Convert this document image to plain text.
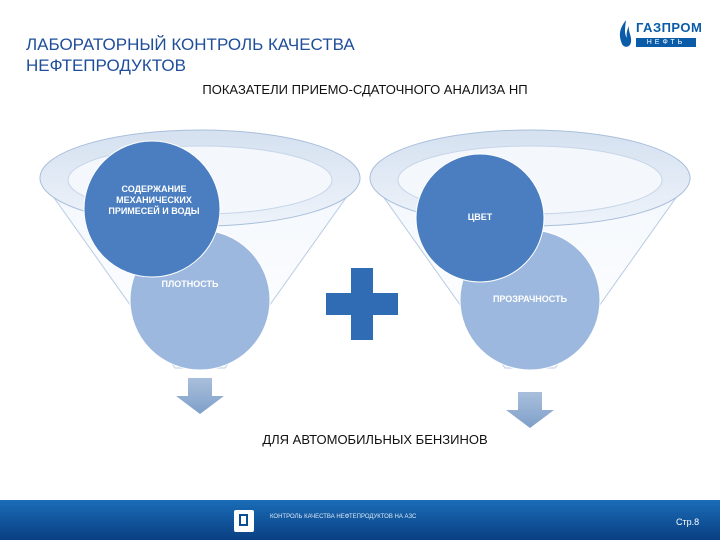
ЛАБОРАТОРНЫЙ КОНТРОЛЬ КАЧЕСТВА
НЕФТЕПРОДУКТОВ
ГАЗПРОМ
НЕФТЬ
ПОКАЗАТЕЛИ ПРИЕМО-СДАТОЧНОГО АНАЛИЗА НП
СОДЕРЖАНИЕ МЕХАНИЧЕСКИХ ПРИМЕСЕЙ И ВОДЫ
ПЛОТНОСТЬ
ЦВЕТ
ПРОЗРАЧНОСТЬ
ДЛЯ АВТОМОБИЛЬНЫХ БЕНЗИНОВ
КОНТРОЛЬ КАЧЕСТВА НЕФТЕПРОДУКТОВ НА АЗС	Стр.8
